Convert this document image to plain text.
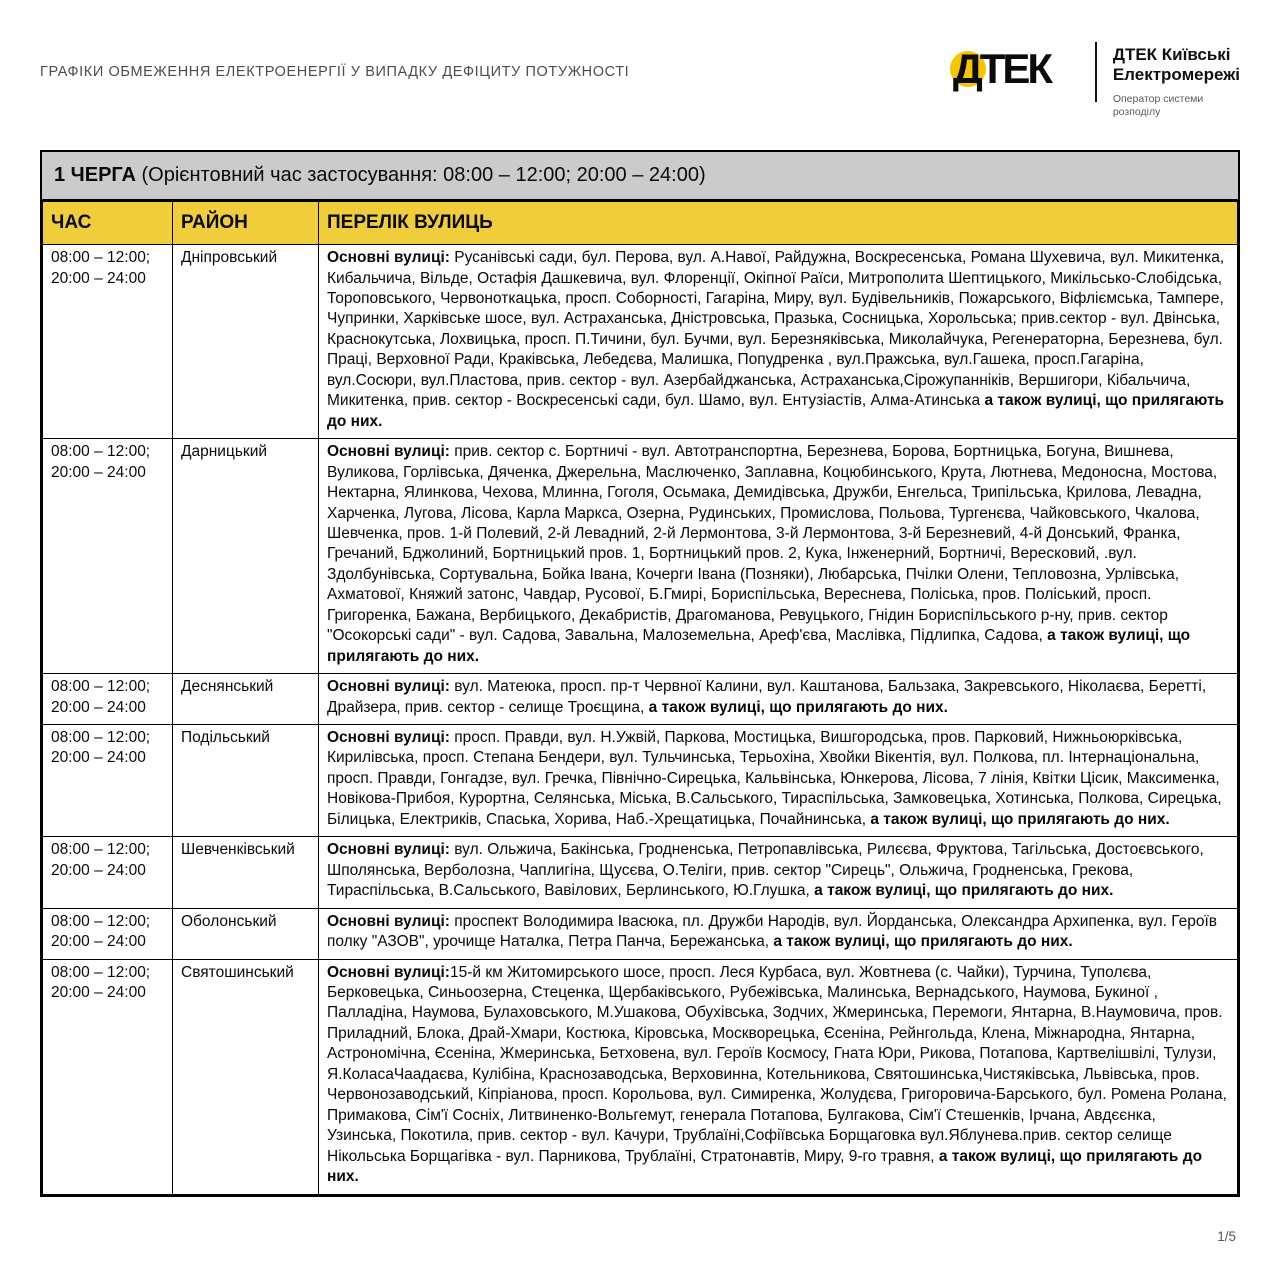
ГРАФІКИ ОБМЕЖЕННЯ ЕЛЕКТРОЕНЕРГІЇ У ВИПАДКУ ДЕФІЦИТУ ПОТУЖНОСТІ	ДТЕК	ДТЕК Київські
Електромережі
Оператор системи
розподілу
1 ЧЕРГА (Орієнтовний час застосування: 08:00 – 12:00; 20:00 – 24:00)
ЧАС	РАЙОН	ПЕРЕЛІК ВУЛИЦЬ
08:00 – 12:00; 20:00 – 24:00	Дніпровський	Основні вулиці: Русанівські сади, бул. Перова, вул. А.Навої, Райдужна, Воскресенська, Романа Шухевича, вул. Микитенка, Кибальчича, Вільде, Остафія Дашкевича, вул. Флоренції, Окіпної Раїси, Митрополита Шептицького, Микільсько-Слобідська, Тороповського, Червоноткацька, просп. Соборності, Гагаріна, Миру, вул. Будівельників, Пожарського, Віфліємська, Тампере, Чупринки, Харківське шосе, вул. Астраханська, Дністровська, Празька, Сосницька, Хорольська; прив.сектор - вул. Двінська, Краснокутська, Лохвицька, просп. П.Тичини, бул. Бучми, вул. Березняківська, Миколайчука, Регенераторна, Березнева, бул. Праці, Верховної Ради, Краківська, Лебедєва, Малишка, Попудренка , вул.Пражська, вул.Гашека, просп.Гагаріна, вул.Сосюри, вул.Пластова, прив. сектор - вул. Азербайджанська, Астраханська,Сірожупанніків, Вершигори, Кібальчича, Микитенка, прив. сектор - Воскресенські сади, бул. Шамо, вул. Ентузіастів, Алма-Атинська а також вулиці, що прилягають до них.
08:00 – 12:00; 20:00 – 24:00	Дарницький	Основні вулиці: прив. сектор с. Бортничі - вул. Автотранспортна, Березнева, Борова, Бортницька, Богуна, Вишнева, Вуликова, Горлівська, Дяченка, Джерельна, Маслюченко, Заплавна, Коцюбинського, Крута, Лютнева, Медоносна, Мостова, Нектарна, Ялинкова, Чехова, Млинна, Гоголя, Осьмака, Демидівська, Дружби, Енгельса, Трипільська, Крилова, Левадна, Харченка, Лугова, Лісова, Карла Маркса, Озерна, Рудинських, Промислова, Польова, Тургенєва, Чайковського, Чкалова, Шевченка, пров. 1-й Полевий, 2-й Левадний, 2-й Лермонтова, 3-й Лермонтова, 3-й Березневий, 4-й Донський, Франка, Гречаний, Бджолиний, Бортницький пров. 1, Бортницький пров. 2, Кука, Інженерний, Бортничі, Вересковий, .вул. Здолбунівська, Сортувальна, Бойка Івана, Кочерги Івана (Позняки), Любарська, Пчілки Олени, Тепловозна, Урлівська, Ахматової, Княжий затонс, Чавдар, Русової, Б.Гмирі, Бориспільська, Вереснева, Поліська, пров. Поліський, просп. Григоренка, Бажана, Вербицького, Декабристів, Драгоманова, Ревуцького, Гнідин Бориспільського р-ну, прив. сектор "Осокорські сади" - вул. Садова, Завальна, Малоземельна, Ареф'єва, Маслівка, Підлипка, Садова, а також вулиці, що прилягають до них.
08:00 – 12:00; 20:00 – 24:00	Деснянський	Основні вулиці: вул. Матеюка, просп. пр-т Червної Калини, вул. Каштанова, Бальзака, Закревського, Ніколаєва, Беретті, Драйзера, прив. сектор - селище Троєщина, а також вулиці, що прилягають до них.
08:00 – 12:00; 20:00 – 24:00	Подільський	Основні вулиці: просп. Правди, вул. Н.Ужвій, Паркова, Мостицька, Вишгородська, пров. Парковий, Нижньоюрківська, Кирилівська, просп. Степана Бендери, вул. Тульчинська, Терьохіна, Хвойки Вікентія, вул. Полкова, пл. Інтернаціональна, просп. Правди, Гонгадзе, вул. Гречка, Північно-Сирецька, Кальвінська, Юнкерова, Лісова, 7 лінія, Квітки Цісик, Максименка, Новікова-Прибоя, Курортна, Селянська, Міська, В.Сальського, Тираспільська, Замковецька, Хотинська, Полкова, Сирецька, Білицька, Електриків, Спаська, Хорива, Наб.-Хрещатицька, Почайнинська, а також вулиці, що прилягають до них.
08:00 – 12:00; 20:00 – 24:00	Шевченківський	Основні вулиці: вул. Ольжича, Бакінська, Гродненська, Петропавлівська, Рилєєва, Фруктова, Тагільська, Достоєвського, Шполянська, Верболозна, Чаплигіна, Щусєва, О.Теліги, прив. сектор "Сирець", Ольжича, Гродненська, Грекова, Тираспільська, В.Сальського, Вавілових, Берлинського, Ю.Глушка, а також вулиці, що прилягають до них.
08:00 – 12:00; 20:00 – 24:00	Оболонський	Основні вулиці: проспект Володимира Івасюка, пл. Дружби Народів, вул. Йорданська, Олександра Архипенка, вул. Героїв полку "АЗОВ", урочище Наталка, Петра Панча, Бережанська, а також вулиці, що прилягають до них.
08:00 – 12:00; 20:00 – 24:00	Святошинський	Основні вулиці:15-й км Житомирського шосе, просп. Леся Курбаса, вул. Жовтнева (с. Чайки), Турчина, Туполєва, Берковецька, Синьоозерна, Стеценка, Щербаківського, Рубежівська, Малинська, Вернадського, Наумова, Букиної , Палладіна, Наумова, Булаховського, М.Ушакова, Обухівська, Зодчих, Жмеринська, Перемоги, Янтарна, В.Наумовича, пров. Приладний, Блока, Драй-Хмари, Костюка, Кіровська, Москворецька, Єсеніна, Рейнгольда, Клена, Міжнародна, Янтарна, Астрономічна, Єсеніна, Жмеринська, Бетховена, вул. Героїв Космосу, Гната Юри, Рикова, Потапова, Картвелішвілі, Тулузи, Я.КоласаЧаадаєва, Кулібіна, Краснозаводська, Верховинна, Котельникова, Святошинська,Чистяківська, Львівська, пров. Червонозаводський, Кіпріанова, просп. Корольова, вул. Симиренка, Жолудєва, Григоровича-Барського, бул. Ромена Ролана, Примакова, Сім'ї Сосніх, Литвиненко-Вольгемут, генерала Потапова, Булгакова, Сім'ї Стешенків, Ірчана, Авдєєнка, Узинська, Покотила, прив. сектор - вул. Качури, Трублаїні,Софіївська Борщаговка вул.Яблунева.прив. сектор селище Нікольська Борщагівка - вул. Парникова, Трублаїні, Стратонавтів, Миру, 9-го травня, а також вулиці, що прилягають до них.
1/5
